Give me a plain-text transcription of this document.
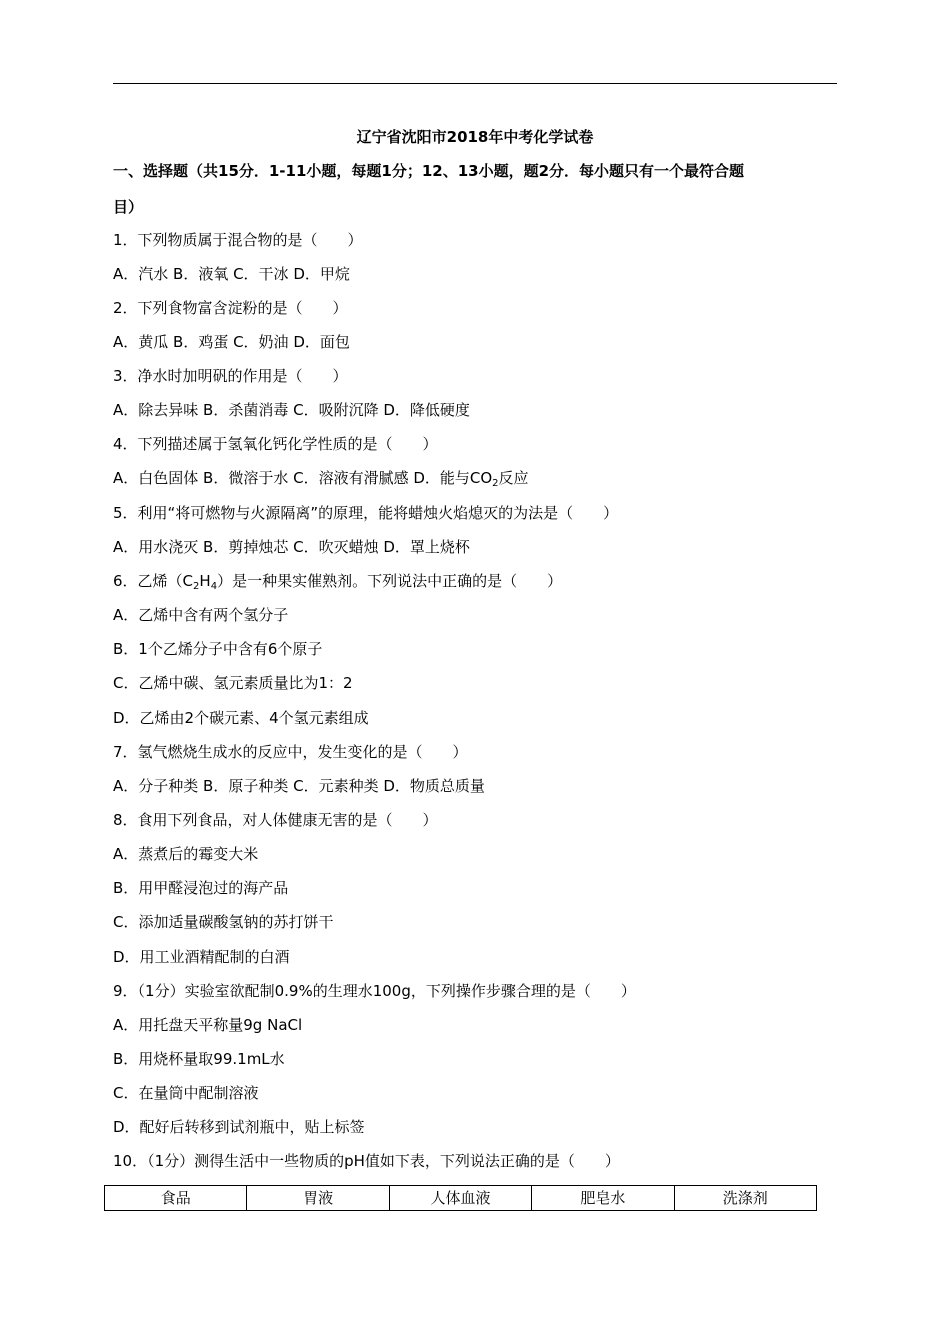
辽宁省沈阳市2018年中考化学试卷
一、选择题（共15分．1-11小题，每题1分；12、13小题，题2分．每小题只有一个最符合题
目）
1．下列物质属于混合物的是（　　）
A．汽水 B．液氧 C．干冰 D．甲烷
2．下列食物富含淀粉的是（　　）
A．黄瓜 B．鸡蛋 C．奶油 D．面包
3．净水时加明矾的作用是（　　）
A．除去异味 B．杀菌消毒 C．吸附沉降 D．降低硬度
4．下列描述属于氢氧化钙化学性质的是（　　）
A．白色固体 B．微溶于水 C．溶液有滑腻感 D．能与$CO_2$反应
5．利用“将可燃物与火源隔离”的原理，能将蜡烛火焰熄灭的为法是（　　）
A．用水浇灭 B．剪掉烛芯 C．吹灭蜡烛 D．罩上烧杯
6．乙烯$(C_2H_4)$是一种果实催熟剂。下列说法中正确的是（　　）
A．乙烯中含有两个氢分子
B．1个乙烯分子中含有6个原子
C．乙烯中碳、氢元素质量比为1：2
D．乙烯由2个碳元素、4个氢元素组成
7．氢气燃烧生成水的反应中，发生变化的是（　　）
A．分子种类 B．原子种类 C．元素种类 D．物质总质量
8．食用下列食品，对人体健康无害的是（　　）
A．蒸煮后的霉变大米
B．用甲醛浸泡过的海产品
C．添加适量碳酸氢钠的苏打饼干
D．用工业酒精配制的白酒
9．（1分）实验室欲配制0.9%的生理水100g，下列操作步骤合理的是（　　）
A．用托盘天平称量9g NaCl
B．用烧杯量取99.1mL水
C．在量筒中配制溶液
D．配好后转移到试剂瓶中，贴上标签
10．（1分）测得生活中一些物质的pH值如下表，下列说法正确的是（　　）
食品	胃液	人体血液	肥皂水	洗涤剂
